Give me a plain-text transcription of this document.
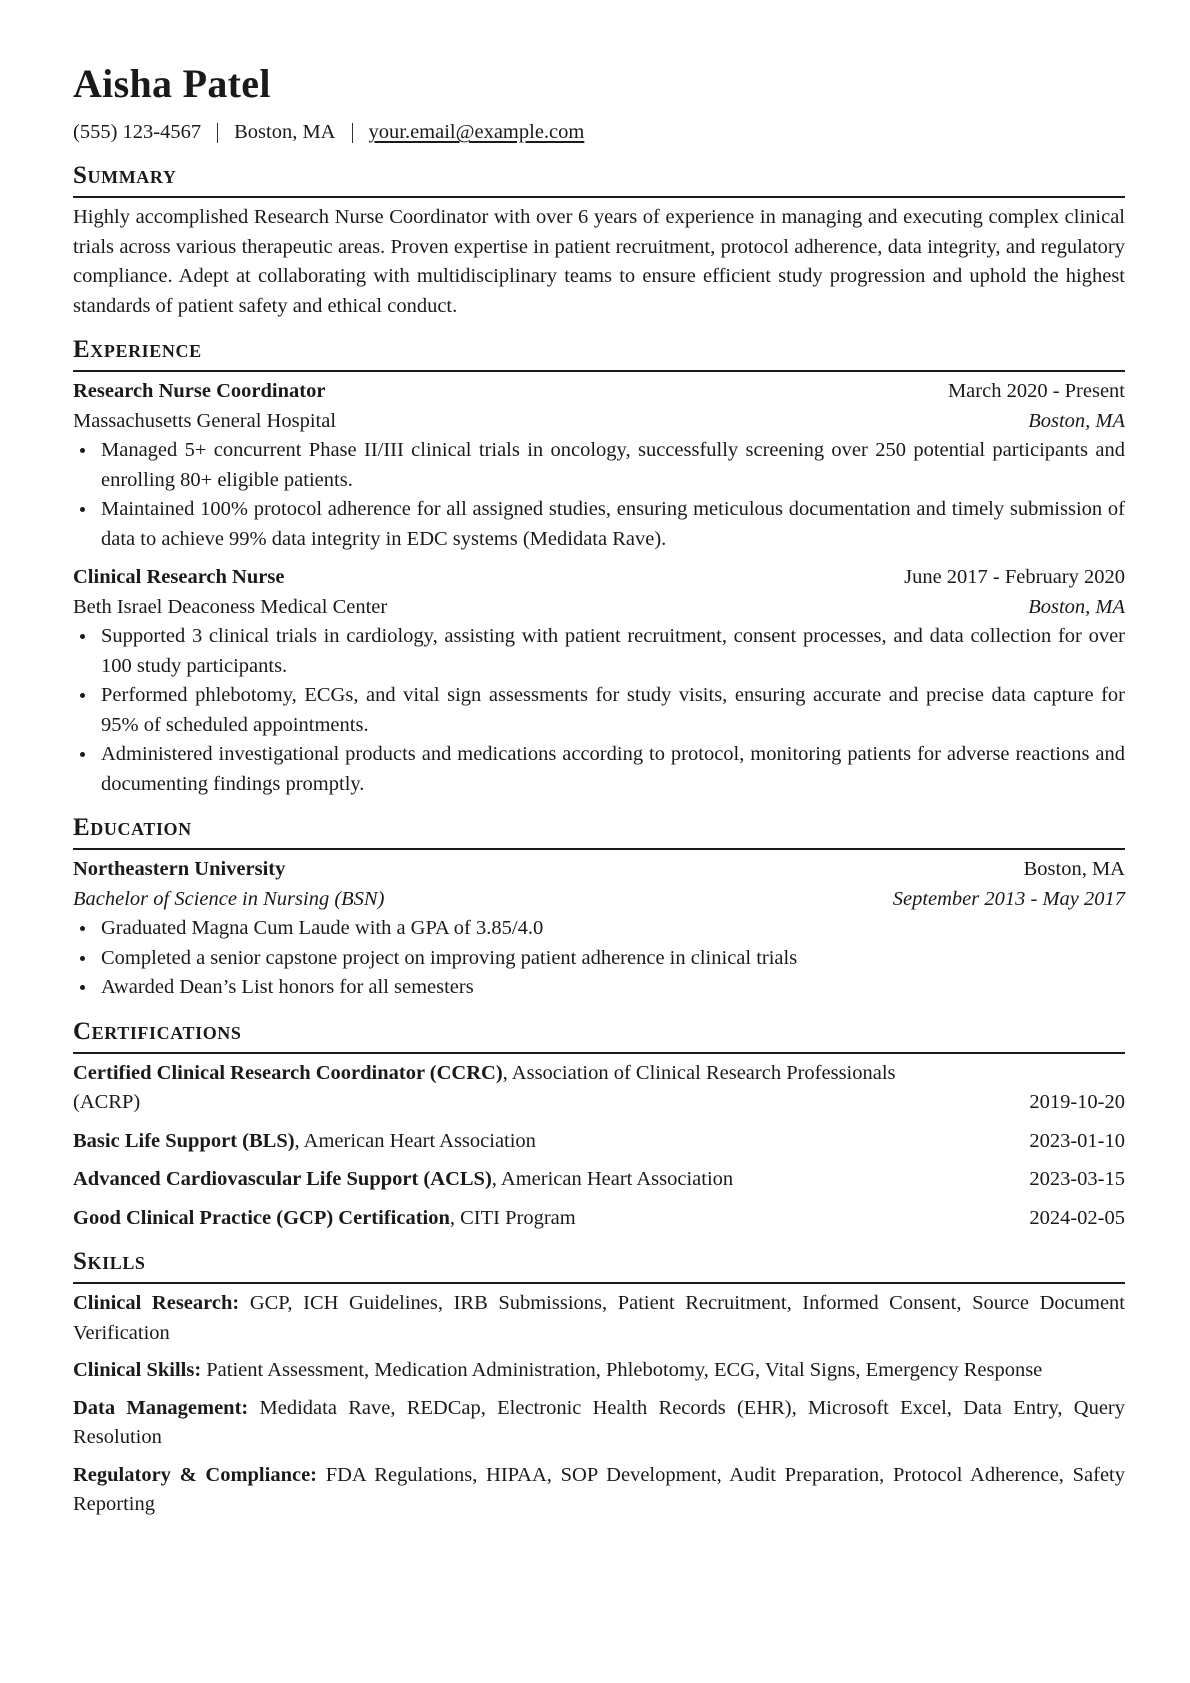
Aisha Patel
(555) 123-4567 Boston, MA your.email@example.com
Summary

Highly accomplished Research Nurse Coordinator with over 6 years of experience in managing and executing complex clinical trials across various therapeutic areas. Proven expertise in patient recruitment, protocol adherence, data integrity, and regulatory compliance. Adept at collaborating with multidisciplinary teams to ensure efficient study progression and uphold the highest standards of patient safety and ethical conduct.

Experience
Research Nurse Coordinator	March 2020 - Present
Massachusetts General Hospital	Boston, MA
Managed 5+ concurrent Phase II/III clinical trials in oncology, successfully screening over 250 potential participants and enrolling 80+ eligible patients.
Maintained 100% protocol adherence for all assigned studies, ensuring meticulous documentation and timely submission of data to achieve 99% data integrity in EDC systems (Medidata Rave).
Clinical Research Nurse	June 2017 - February 2020
Beth Israel Deaconess Medical Center	Boston, MA
Supported 3 clinical trials in cardiology, assisting with patient recruitment, consent processes, and data collection for over 100 study participants.
Performed phlebotomy, ECGs, and vital sign assessments for study visits, ensuring accurate and precise data capture for 95% of scheduled appointments.
Administered investigational products and medications according to protocol, monitoring patients for adverse reactions and documenting findings promptly.
Education
Northeastern University	Boston, MA
Bachelor of Science in Nursing (BSN)	September 2013 - May 2017
Graduated Magna Cum Laude with a GPA of 3.85/4.0
Completed a senior capstone project on improving patient adherence in clinical trials
Awarded Dean’s List honors for all semesters
Certifications
Certified Clinical Research Coordinator (CCRC), Association of Clinical Research Professionals
(ACRP)	2019-10-20
Basic Life Support (BLS), American Heart Association	2023-01-10
Advanced Cardiovascular Life Support (ACLS), American Heart Association	2023-03-15
Good Clinical Practice (GCP) Certification, CITI Program	2024-02-05
Skills
Clinical Research: GCP, ICH Guidelines, IRB Submissions, Patient Recruitment, Informed Consent, Source Document Verification
Clinical Skills: Patient Assessment, Medication Administration, Phlebotomy, ECG, Vital Signs, Emergency Response
Data Management: Medidata Rave, REDCap, Electronic Health Records (EHR), Microsoft Excel, Data Entry, Query Resolution
Regulatory & Compliance: FDA Regulations, HIPAA, SOP Development, Audit Preparation, Protocol Adherence, Safety Reporting
